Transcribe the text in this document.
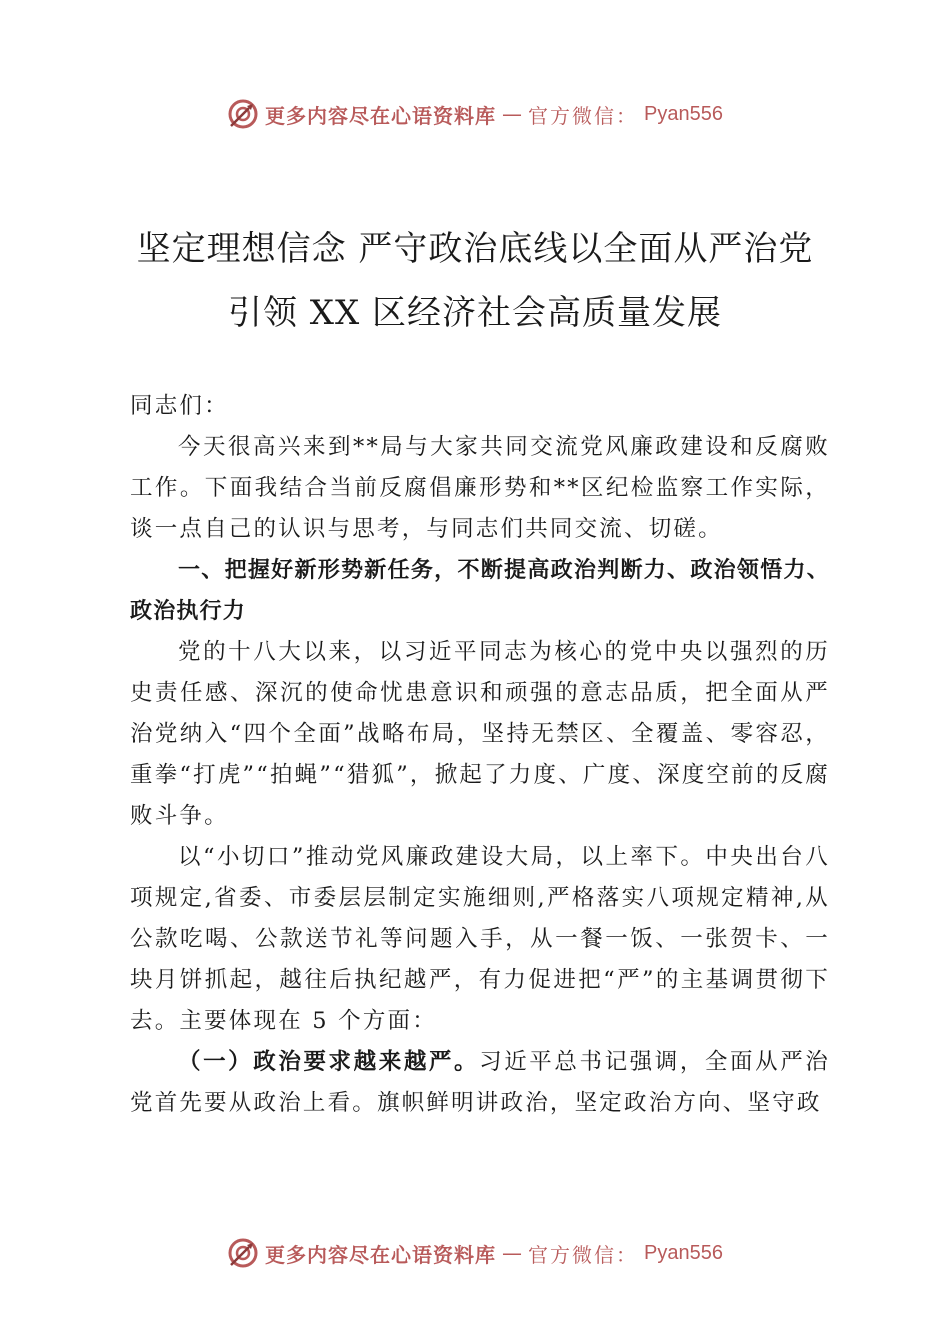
更多内容尽在心语资料库 — 官方微信： Pyan556
坚定理想信念 严守政治底线以全面从严治党
引领 XX 区经济社会高质量发展

同志们：

今天很高兴来到**局与大家共同交流党风廉政建设和反腐败工作。下面我结合当前反腐倡廉形势和**区纪检监察工作实际，谈一点自己的认识与思考，与同志们共同交流、切磋。

一、把握好新形势新任务，不断提高政治判断力、政治领悟力、政治执行力

党的十八大以来，以习近平同志为核心的党中央以强烈的历史责任感、深沉的使命忧患意识和顽强的意志品质，把全面从严治党纳入“四个全面”战略布局，坚持无禁区、全覆盖、零容忍， 重拳“打虎”“拍蝇”“猎狐”，掀起了力度、广度、深度空前的反腐败斗争。

以“小切口”推动党风廉政建设大局，以上率下。中央出台八项规定,省委、市委层层制定实施细则,严格落实八项规定精神,从公款吃喝、公款送节礼等问题入手，从一餐一饭、一张贺卡、一块月饼抓起，越往后执纪越严，有力促进把“严”的主基调贯彻下去。主要体现在 5 个方面：

（一）政治要求越来越严。习近平总书记强调，全面从严治党首先要从政治上看。旗帜鲜明讲政治，坚定政治方向、坚守政

更多内容尽在心语资料库 — 官方微信： Pyan556
